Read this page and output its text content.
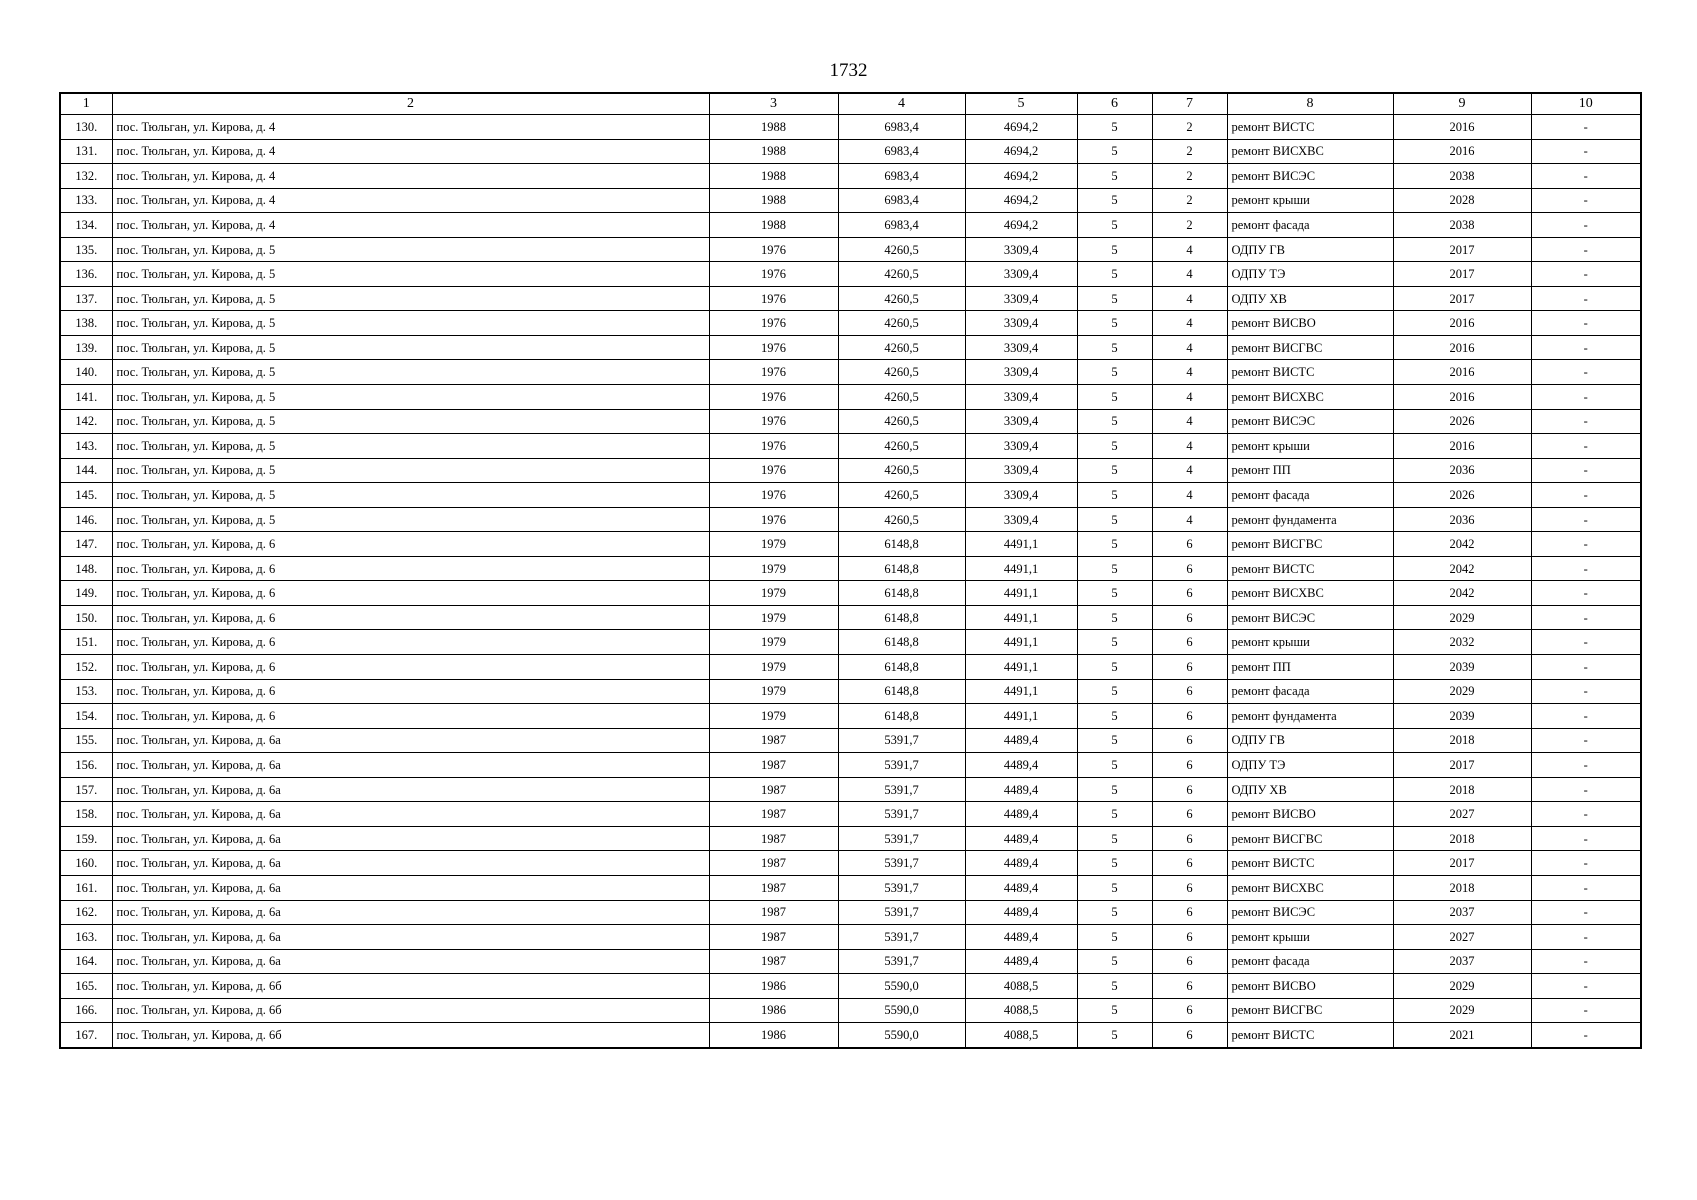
1732
1	2	3	4	5	6	7	8	9	10
130.	пос. Тюльган, ул. Кирова, д. 4	1988	6983,4	4694,2	5	2	ремонт ВИСТС	2016	-
131.	пос. Тюльган, ул. Кирова, д. 4	1988	6983,4	4694,2	5	2	ремонт ВИСХВС	2016	-
132.	пос. Тюльган, ул. Кирова, д. 4	1988	6983,4	4694,2	5	2	ремонт ВИСЭС	2038	-
133.	пос. Тюльган, ул. Кирова, д. 4	1988	6983,4	4694,2	5	2	ремонт крыши	2028	-
134.	пос. Тюльган, ул. Кирова, д. 4	1988	6983,4	4694,2	5	2	ремонт фасада	2038	-
135.	пос. Тюльган, ул. Кирова, д. 5	1976	4260,5	3309,4	5	4	ОДПУ ГВ	2017	-
136.	пос. Тюльган, ул. Кирова, д. 5	1976	4260,5	3309,4	5	4	ОДПУ ТЭ	2017	-
137.	пос. Тюльган, ул. Кирова, д. 5	1976	4260,5	3309,4	5	4	ОДПУ ХВ	2017	-
138.	пос. Тюльган, ул. Кирова, д. 5	1976	4260,5	3309,4	5	4	ремонт ВИСВО	2016	-
139.	пос. Тюльган, ул. Кирова, д. 5	1976	4260,5	3309,4	5	4	ремонт ВИСГВС	2016	-
140.	пос. Тюльган, ул. Кирова, д. 5	1976	4260,5	3309,4	5	4	ремонт ВИСТС	2016	-
141.	пос. Тюльган, ул. Кирова, д. 5	1976	4260,5	3309,4	5	4	ремонт ВИСХВС	2016	-
142.	пос. Тюльган, ул. Кирова, д. 5	1976	4260,5	3309,4	5	4	ремонт ВИСЭС	2026	-
143.	пос. Тюльган, ул. Кирова, д. 5	1976	4260,5	3309,4	5	4	ремонт крыши	2016	-
144.	пос. Тюльган, ул. Кирова, д. 5	1976	4260,5	3309,4	5	4	ремонт ПП	2036	-
145.	пос. Тюльган, ул. Кирова, д. 5	1976	4260,5	3309,4	5	4	ремонт фасада	2026	-
146.	пос. Тюльган, ул. Кирова, д. 5	1976	4260,5	3309,4	5	4	ремонт фундамента	2036	-
147.	пос. Тюльган, ул. Кирова, д. 6	1979	6148,8	4491,1	5	6	ремонт ВИСГВС	2042	-
148.	пос. Тюльган, ул. Кирова, д. 6	1979	6148,8	4491,1	5	6	ремонт ВИСТС	2042	-
149.	пос. Тюльган, ул. Кирова, д. 6	1979	6148,8	4491,1	5	6	ремонт ВИСХВС	2042	-
150.	пос. Тюльган, ул. Кирова, д. 6	1979	6148,8	4491,1	5	6	ремонт ВИСЭС	2029	-
151.	пос. Тюльган, ул. Кирова, д. 6	1979	6148,8	4491,1	5	6	ремонт крыши	2032	-
152.	пос. Тюльган, ул. Кирова, д. 6	1979	6148,8	4491,1	5	6	ремонт ПП	2039	-
153.	пос. Тюльган, ул. Кирова, д. 6	1979	6148,8	4491,1	5	6	ремонт фасада	2029	-
154.	пос. Тюльган, ул. Кирова, д. 6	1979	6148,8	4491,1	5	6	ремонт фундамента	2039	-
155.	пос. Тюльган, ул. Кирова, д. 6а	1987	5391,7	4489,4	5	6	ОДПУ ГВ	2018	-
156.	пос. Тюльган, ул. Кирова, д. 6а	1987	5391,7	4489,4	5	6	ОДПУ ТЭ	2017	-
157.	пос. Тюльган, ул. Кирова, д. 6а	1987	5391,7	4489,4	5	6	ОДПУ ХВ	2018	-
158.	пос. Тюльган, ул. Кирова, д. 6а	1987	5391,7	4489,4	5	6	ремонт ВИСВО	2027	-
159.	пос. Тюльган, ул. Кирова, д. 6а	1987	5391,7	4489,4	5	6	ремонт ВИСГВС	2018	-
160.	пос. Тюльган, ул. Кирова, д. 6а	1987	5391,7	4489,4	5	6	ремонт ВИСТС	2017	-
161.	пос. Тюльган, ул. Кирова, д. 6а	1987	5391,7	4489,4	5	6	ремонт ВИСХВС	2018	-
162.	пос. Тюльган, ул. Кирова, д. 6а	1987	5391,7	4489,4	5	6	ремонт ВИСЭС	2037	-
163.	пос. Тюльган, ул. Кирова, д. 6а	1987	5391,7	4489,4	5	6	ремонт крыши	2027	-
164.	пос. Тюльган, ул. Кирова, д. 6а	1987	5391,7	4489,4	5	6	ремонт фасада	2037	-
165.	пос. Тюльган, ул. Кирова, д. 6б	1986	5590,0	4088,5	5	6	ремонт ВИСВО	2029	-
166.	пос. Тюльган, ул. Кирова, д. 6б	1986	5590,0	4088,5	5	6	ремонт ВИСГВС	2029	-
167.	пос. Тюльган, ул. Кирова, д. 6б	1986	5590,0	4088,5	5	6	ремонт ВИСТС	2021	-
